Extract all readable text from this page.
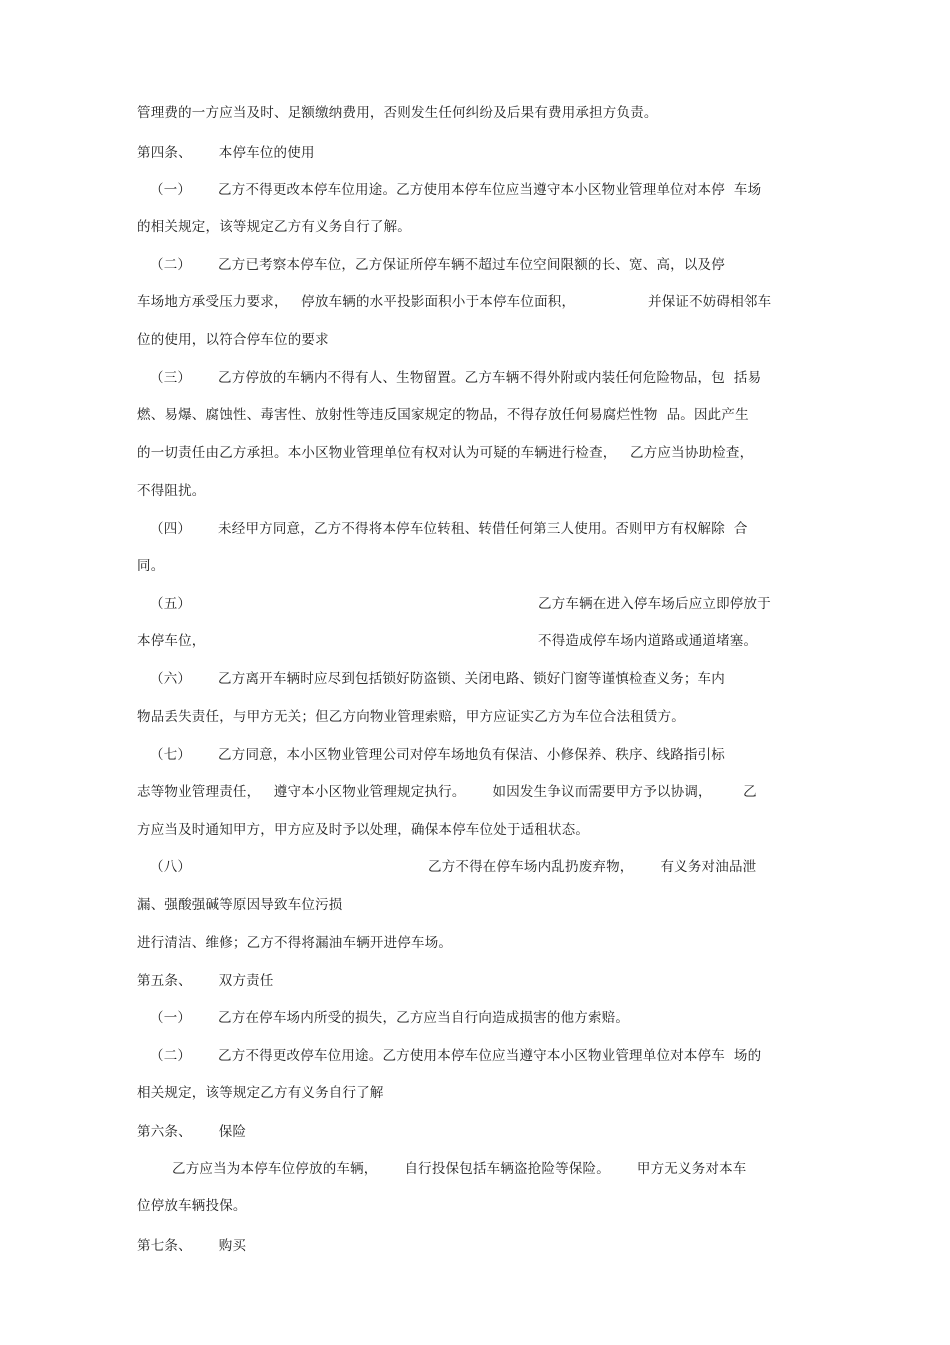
管理费的一方应当及时、足额缴纳费用，否则发生任何纠纷及后果有费用承担方负责。
第四条、      本停车位的使用
（一）      乙方不得更改本停车位用途。乙方使用本停车位应当遵守本小区物业管理单位对本停  车场
的相关规定，该等规定乙方有义务自行了解。
（二）      乙方已考察本停车位，乙方保证所停车辆不超过车位空间限额的长、宽、高，以及停
车场地方承受压力要求，   停放车辆的水平投影面积小于本停车位面积，	并保证不妨碍相邻车
位的使用，以符合停车位的要求
（三）      乙方停放的车辆内不得有人、生物留置。乙方车辆不得外附或内装任何危险物品，包  括易
燃、易爆、腐蚀性、毒害性、放射性等违反国家规定的物品，不得存放任何易腐烂性物  品。因此产生
的一切责任由乙方承担。本小区物业管理单位有权对认为可疑的车辆进行检查，   乙方应当协助检查，
不得阻扰。
（四）      未经甲方同意，乙方不得将本停车位转租、转借任何第三人使用。否则甲方有权解除  合
同。
（五）	乙方车辆在进入停车场后应立即停放于
本停车位，	不得造成停车场内道路或通道堵塞。
（六）      乙方离开车辆时应尽到包括锁好防盗锁、关闭电路、锁好门窗等谨慎检查义务；车内
物品丢失责任，与甲方无关；但乙方向物业管理索赔，甲方应证实乙方为车位合法租赁方。
（七）      乙方同意，本小区物业管理公司对停车场地负有保洁、小修保养、秩序、线路指引标
志等物业管理责任，   遵守本小区物业管理规定执行。      如因发生争议而需要甲方予以协调，       乙
方应当及时通知甲方，甲方应及时予以处理，确保本停车位处于适租状态。
（八）	乙方不得在停车场内乱扔废弃物，      有义务对油品泄
漏、强酸强碱等原因导致车位污损
进行清洁、维修；乙方不得将漏油车辆开进停车场。
第五条、      双方责任
（一）      乙方在停车场内所受的损失，乙方应当自行向造成损害的他方索赔。
（二）      乙方不得更改停车位用途。乙方使用本停车位应当遵守本小区物业管理单位对本停车  场的
相关规定，该等规定乙方有义务自行了解
第六条、      保险
乙方应当为本停车位停放的车辆，      自行投保包括车辆盗抢险等保险。      甲方无义务对本车
位停放车辆投保。
第七条、      购买
